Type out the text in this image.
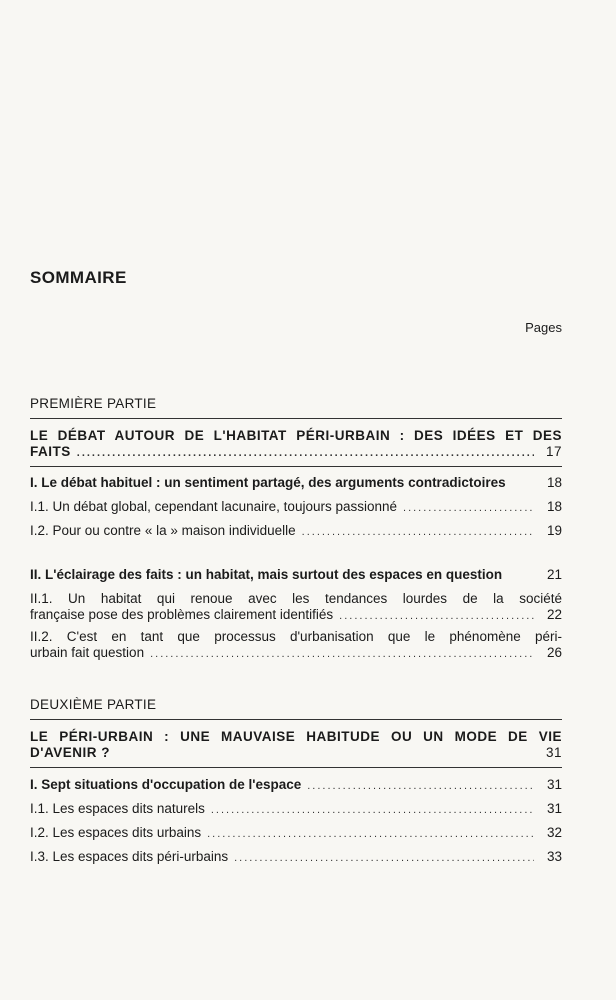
SOMMAIRE
Pages
PREMIÈRE PARTIE
LE DÉBAT AUTOUR DE L'HABITAT PÉRI-URBAIN : DES IDÉES ET DES
FAITS .....	17
I. Le débat habituel : un sentiment partagé, des arguments contradictoires	18
I.1. Un débat global, cependant lacunaire, toujours passionné .....	18
I.2. Pour ou contre « la » maison individuelle .....	19
II. L'éclairage des faits : un habitat, mais surtout des espaces en question	21
II.1. Un habitat qui renoue avec les tendances lourdes de la société
française pose des problèmes clairement identifiés .....	22
II.2. C'est en tant que processus d'urbanisation que le phénomène péri-
urbain fait question .....	26
DEUXIÈME PARTIE
LE PÉRI-URBAIN : UNE MAUVAISE HABITUDE OU UN MODE DE VIE
D'AVENIR ?	31
I. Sept situations d'occupation de l'espace .....	31
I.1. Les espaces dits naturels .....	31
I.2. Les espaces dits urbains .....	32
I.3. Les espaces dits péri-urbains .....	33
